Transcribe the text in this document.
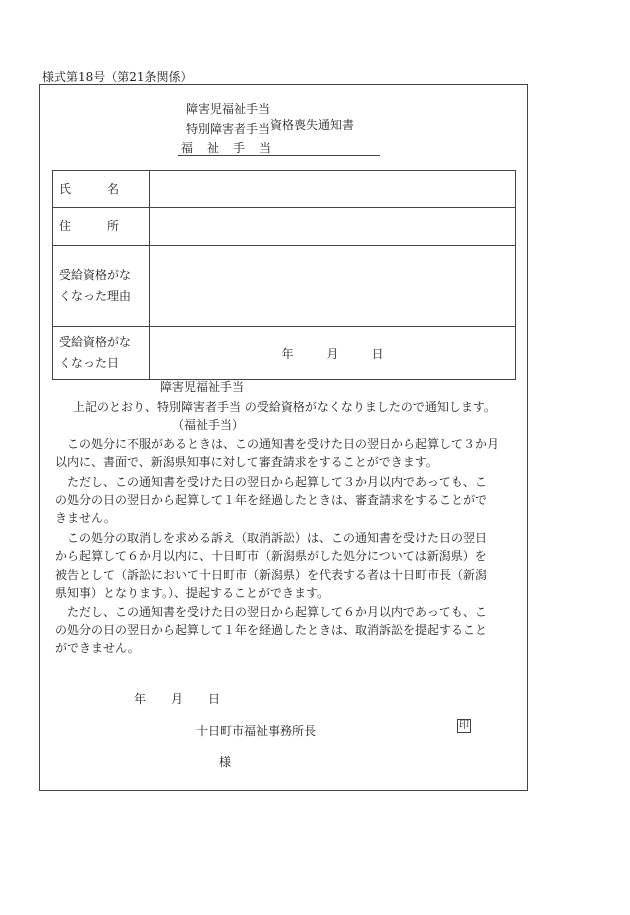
様式第18号（第21条関係）
障害児福祉手当
特別障害者手当 資格喪失通知書
福　祉　手　当
氏　　　名	
住　　　所	

受給資格がな
くなった理由	

受給資格がな
くなった日	年 月 日
障害児福祉手当
上記のとおり、特別障害者手当 の受給資格がなくなりましたので通知します。
（福祉手当）
この処分に不服があるときは、この通知書を受けた日の翌日から起算して３か月
以内に、書面で、新潟県知事に対して審査請求をすることができます。
ただし、この通知書を受けた日の翌日から起算して３か月以内であっても、こ
の処分の日の翌日から起算して１年を経過したときは、審査請求をすることがで
きません。
この処分の取消しを求める訴え（取消訴訟）は、この通知書を受けた日の翌日
から起算して６か月以内に、十日町市（新潟県がした処分については新潟県）を
被告として（訴訟において十日町市（新潟県）を代表する者は十日町市長（新潟
県知事）となります。）、提起することができます。
ただし、この通知書を受けた日の翌日から起算して６か月以内であっても、こ
の処分の日の翌日から起算して１年を経過したときは、取消訴訟を提起すること
ができません。
年 月 日
十日町市福祉事務所長	印
様
